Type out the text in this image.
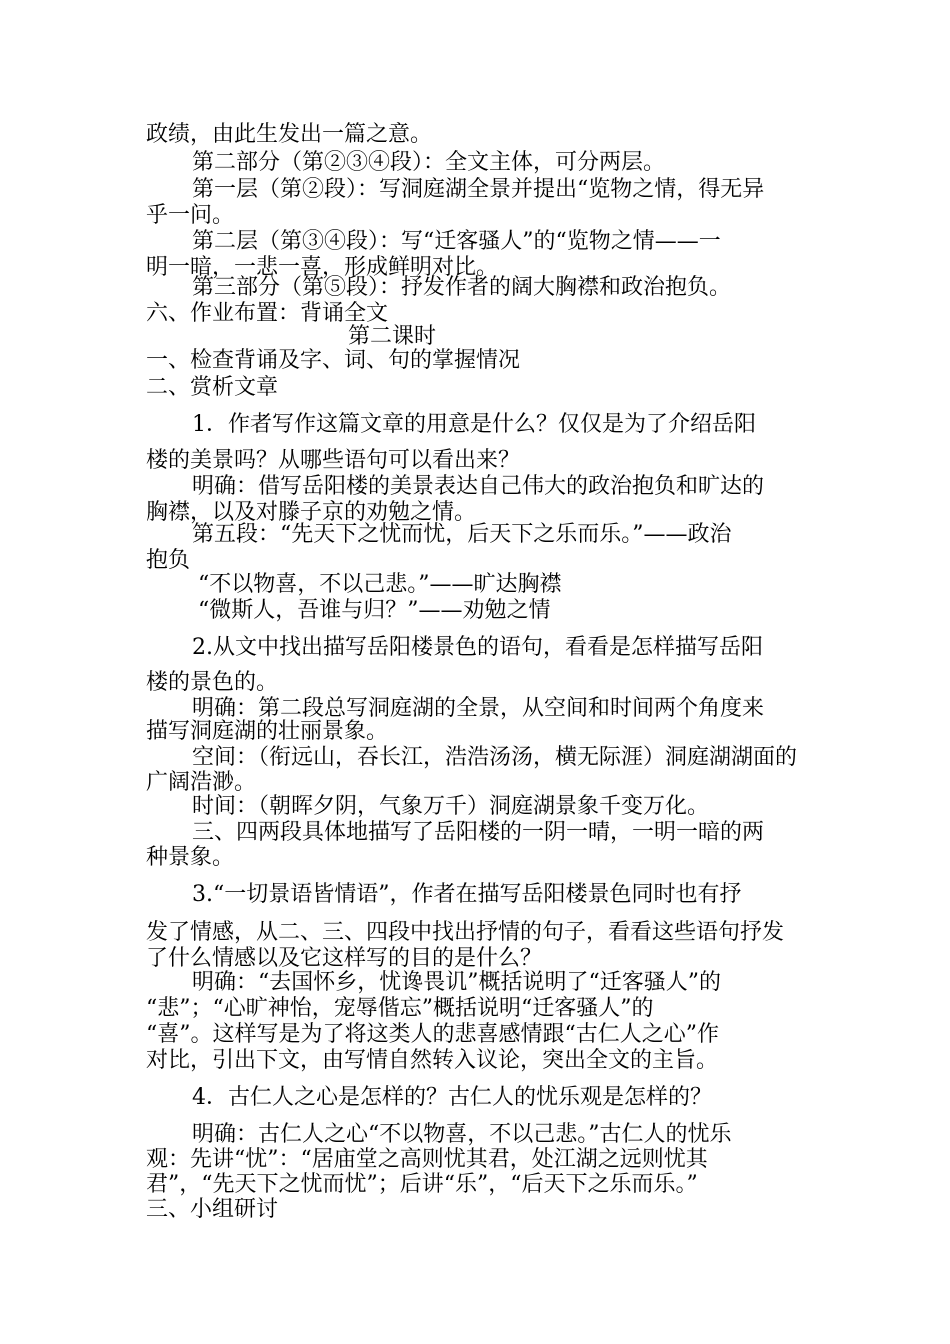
政绩，由此生发出一篇之意。
第二部分（第②③④段）：全文主体，可分两层。
第一层（第②段）：写洞庭湖全景并提出“览物之情，得无异
乎一问。
第二层（第③④段）：写“迁客骚人”的“览物之情——一
明一暗，一悲一喜，形成鲜明对比。
第三部分（第⑤段）：抒发作者的阔大胸襟和政治抱负。
六、作业布置：背诵全文
第二课时
一、检查背诵及字、词、句的掌握情况
二、赏析文章
1．作者写作这篇文章的用意是什么？仅仅是为了介绍岳阳
楼的美景吗？从哪些语句可以看出来？
明确：借写岳阳楼的美景表达自己伟大的政治抱负和旷达的
胸襟，以及对滕子京的劝勉之情。
第五段：“先天下之忧而忧，后天下之乐而乐。”——政治
抱负
“不以物喜，不以己悲。”——旷达胸襟
“微斯人，吾谁与归？”——劝勉之情
2.从文中找出描写岳阳楼景色的语句，看看是怎样描写岳阳
楼的景色的。
明确：第二段总写洞庭湖的全景，从空间和时间两个角度来
描写洞庭湖的壮丽景象。
空间：（衔远山，吞长江，浩浩汤汤，横无际涯）洞庭湖湖面的
广阔浩渺。
时间：（朝晖夕阴，气象万千）洞庭湖景象千变万化。
三、四两段具体地描写了岳阳楼的一阴一晴，一明一暗的两
种景象。
3.“一切景语皆情语”，作者在描写岳阳楼景色同时也有抒
发了情感，从二、三、四段中找出抒情的句子，看看这些语句抒发
了什么情感以及它这样写的目的是什么？
明确：“去国怀乡，忧谗畏讥”概括说明了“迁客骚人”的
“悲”；“心旷神怡，宠辱偕忘”概括说明“迁客骚人”的
“喜”。这样写是为了将这类人的悲喜感情跟“古仁人之心”作
对比，引出下文，由写情自然转入议论，突出全文的主旨。
4．古仁人之心是怎样的？古仁人的忧乐观是怎样的？
明确：古仁人之心“不以物喜，不以己悲。”古仁人的忧乐
观：先讲“忧”：“居庙堂之高则忧其君，处江湖之远则忧其
君”，“先天下之忧而忧”；后讲“乐”，“后天下之乐而乐。”
三、小组研讨
